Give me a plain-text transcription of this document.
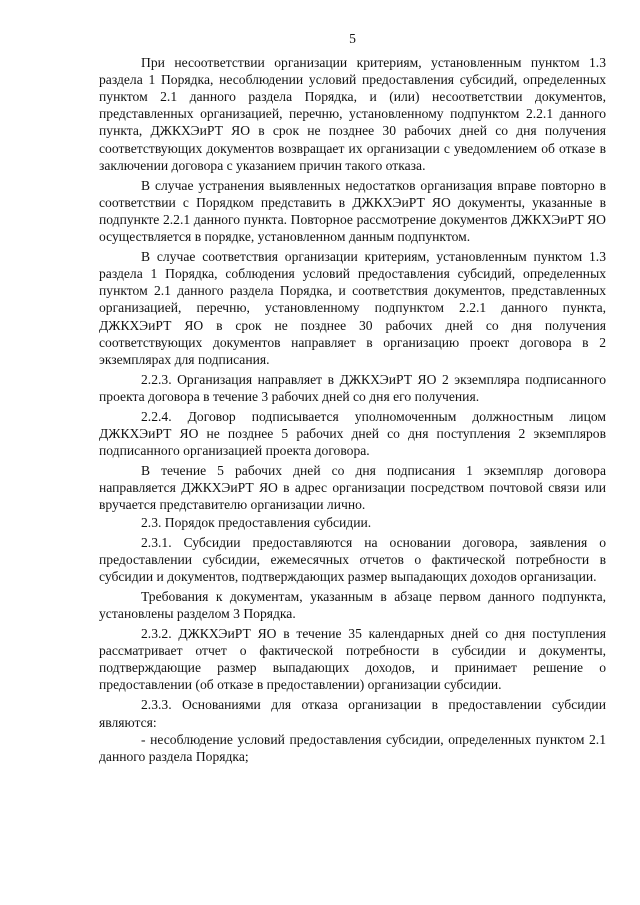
5

При несоответствии организации критериям, установленным пунктом 1.3 раздела 1 Порядка, несоблюдении условий предоставления субсидий, определенных пунктом 2.1 данного раздела Порядка, и (или) несоответствии документов, представленных организацией, перечню, установленному подпунктом 2.2.1 данного пункта, ДЖКХЭиРТ ЯО в срок не позднее 30 рабочих дней со дня получения соответствующих документов возвращает их организации с уведомлением об отказе в заключении договора с указанием причин такого отказа.

В случае устранения выявленных недостатков организация вправе повторно в соответствии с Порядком представить в ДЖКХЭиРТ ЯО документы, указанные в подпункте 2.2.1 данного пункта. Повторное рассмотрение документов ДЖКХЭиРТ ЯО осуществляется в порядке, установленном данным подпунктом.

В случае соответствия организации критериям, установленным пунктом 1.3 раздела 1 Порядка, соблюдения условий предоставления субсидий, определенных пунктом 2.1 данного раздела Порядка, и соответствия документов, представленных организацией, перечню, установленному подпунктом 2.2.1 данного пункта, ДЖКХЭиРТ ЯО в срок не позднее 30 рабочих дней со дня получения соответствующих документов направляет в организацию проект договора в 2 экземплярах для подписания.

2.2.3. Организация направляет в ДЖКХЭиРТ ЯО 2 экземпляра подписанного проекта договора в течение 3 рабочих дней со дня его получения.

2.2.4. Договор подписывается уполномоченным должностным лицом ДЖКХЭиРТ ЯО не позднее 5 рабочих дней со дня поступления 2 экземпляров подписанного организацией проекта договора.

В течение 5 рабочих дней со дня подписания 1 экземпляр договора направляется ДЖКХЭиРТ ЯО в адрес организации посредством почтовой связи или вручается представителю организации лично.

2.3. Порядок предоставления субсидии.

2.3.1. Субсидии предоставляются на основании договора, заявления о предоставлении субсидии, ежемесячных отчетов о фактической потребности в субсидии и документов, подтверждающих размер выпадающих доходов организации.

Требования к документам, указанным в абзаце первом данного подпункта, установлены разделом 3 Порядка.

2.3.2. ДЖКХЭиРТ ЯО в течение 35 календарных дней со дня поступления рассматривает отчет о фактической потребности в субсидии и документы, подтверждающие размер выпадающих доходов, и принимает решение о предоставлении (об отказе в предоставлении) организации субсидии.

2.3.3. Основаниями для отказа организации в предоставлении субсидии являются:

- несоблюдение условий предоставления субсидии, определенных пунктом 2.1 данного раздела Порядка;
